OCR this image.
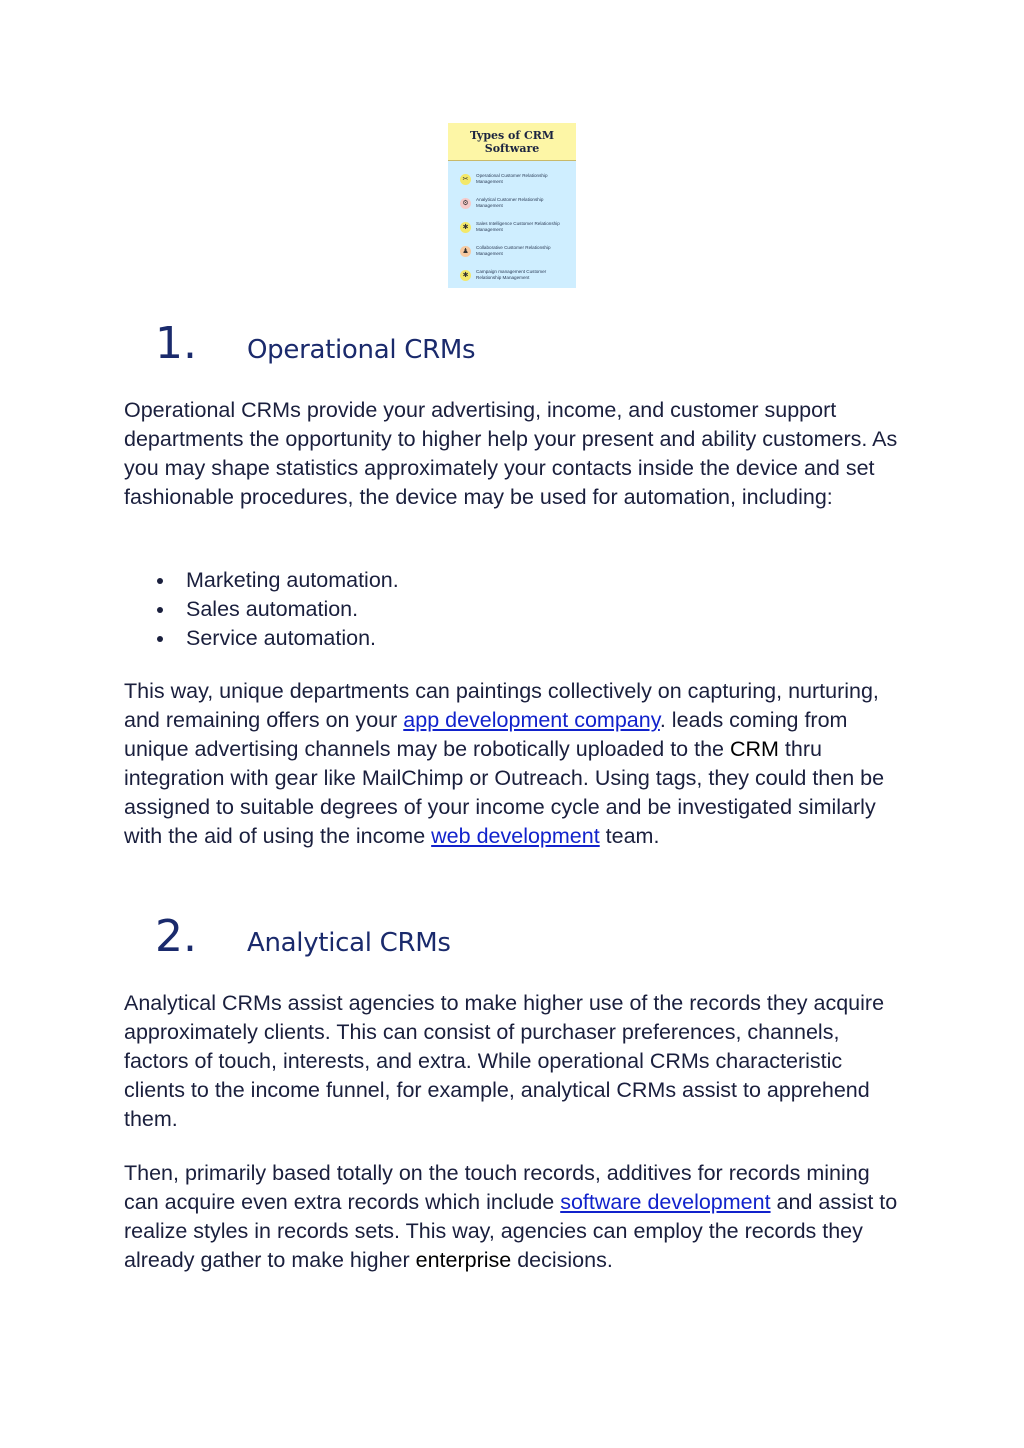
Types of CRM
Software
✂	Operational Customer Relationship Management
⚙	Analytical Customer Relationship Management
✱	Sales Intelligence Customer Relationship Management
♟	Collaborative Customer Relationship Management
✱	Campaign management Customer Relationship Management
1.	Operational CRMs

Operational CRMs provide your advertising, income, and customer support departments the opportunity to higher help your present and ability customers. As you may shape statistics approximately your contacts inside the device and set fashionable procedures, the device may be used for automation, including:

Marketing automation.
Sales automation.
Service automation.

This way, unique departments can paintings collectively on capturing, nurturing, and remaining offers on your app development company. leads coming from unique advertising channels may be robotically uploaded to the CRM thru integration with gear like MailChimp or Outreach. Using tags, they could then be assigned to suitable degrees of your income cycle and be investigated similarly with the aid of using the income web development team.

2.	Analytical CRMs

Analytical CRMs assist agencies to make higher use of the records they acquire approximately clients. This can consist of purchaser preferences, channels, factors of touch, interests, and extra. While operational CRMs characteristic clients to the income funnel, for example, analytical CRMs assist to apprehend them.

Then, primarily based totally on the touch records, additives for records mining can acquire even extra records which include software development and assist to realize styles in records sets. This way, agencies can employ the records they already gather to make higher enterprise decisions.
